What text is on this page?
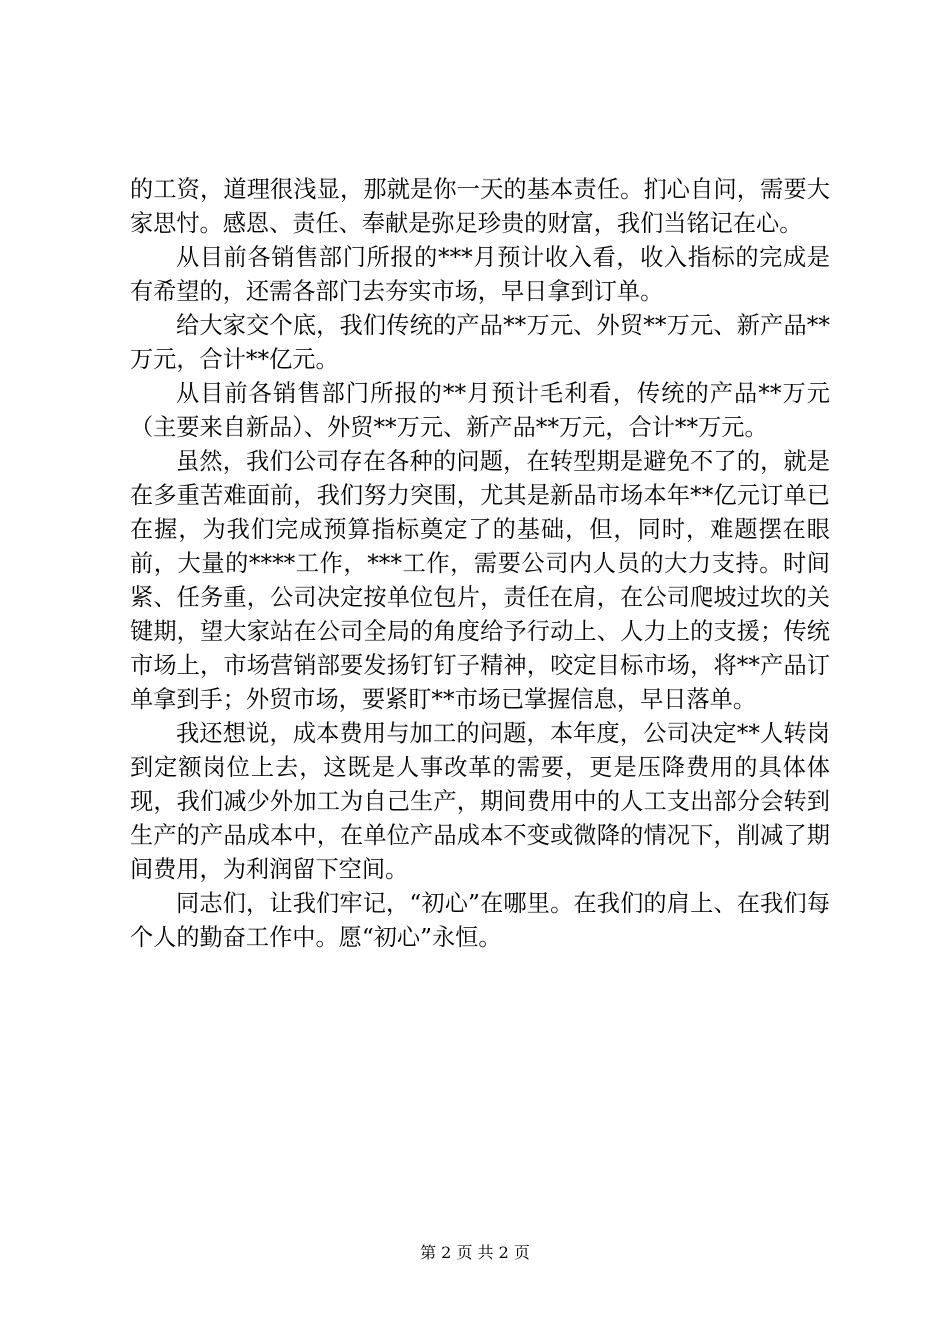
的工资，道理很浅显，那就是你一天的基本责任。扪心自问，需要大家思忖。感恩、责任、奉献是弥足珍贵的财富，我们当铭记在心。

从目前各销售部门所报的***月预计收入看，收入指标的完成是有希望的，还需各部门去夯实市场，早日拿到订单。

给大家交个底，我们传统的产品**万元、外贸**万元、新产品**万元，合计**亿元。

从目前各销售部门所报的**月预计毛利看，传统的产品**万元（主要来自新品）、外贸**万元、新产品**万元，合计**万元。

虽然，我们公司存在各种的问题，在转型期是避免不了的，就是在多重苦难面前，我们努力突围，尤其是新品市场本年**亿元订单已在握，为我们完成预算指标奠定了的基础，但，同时，难题摆在眼前，大量的****工作，***工作，需要公司内人员的大力支持。时间紧、任务重，公司决定按单位包片，责任在肩，在公司爬坡过坎的关键期，望大家站在公司全局的角度给予行动上、人力上的支援；传统市场上，市场营销部要发扬钉钉子精神，咬定目标市场，将**产品订单拿到手；外贸市场，要紧盯**市场已掌握信息，早日落单。

我还想说，成本费用与加工的问题，本年度，公司决定**人转岗到定额岗位上去，这既是人事改革的需要，更是压降费用的具体体现，我们减少外加工为自己生产，期间费用中的人工支出部分会转到生产的产品成本中，在单位产品成本不变或微降的情况下，削减了期间费用，为利润留下空间。

同志们，让我们牢记，“初心”在哪里。在我们的肩上、在我们每个人的勤奋工作中。愿“初心”永恒。

第 2 页 共 2 页
